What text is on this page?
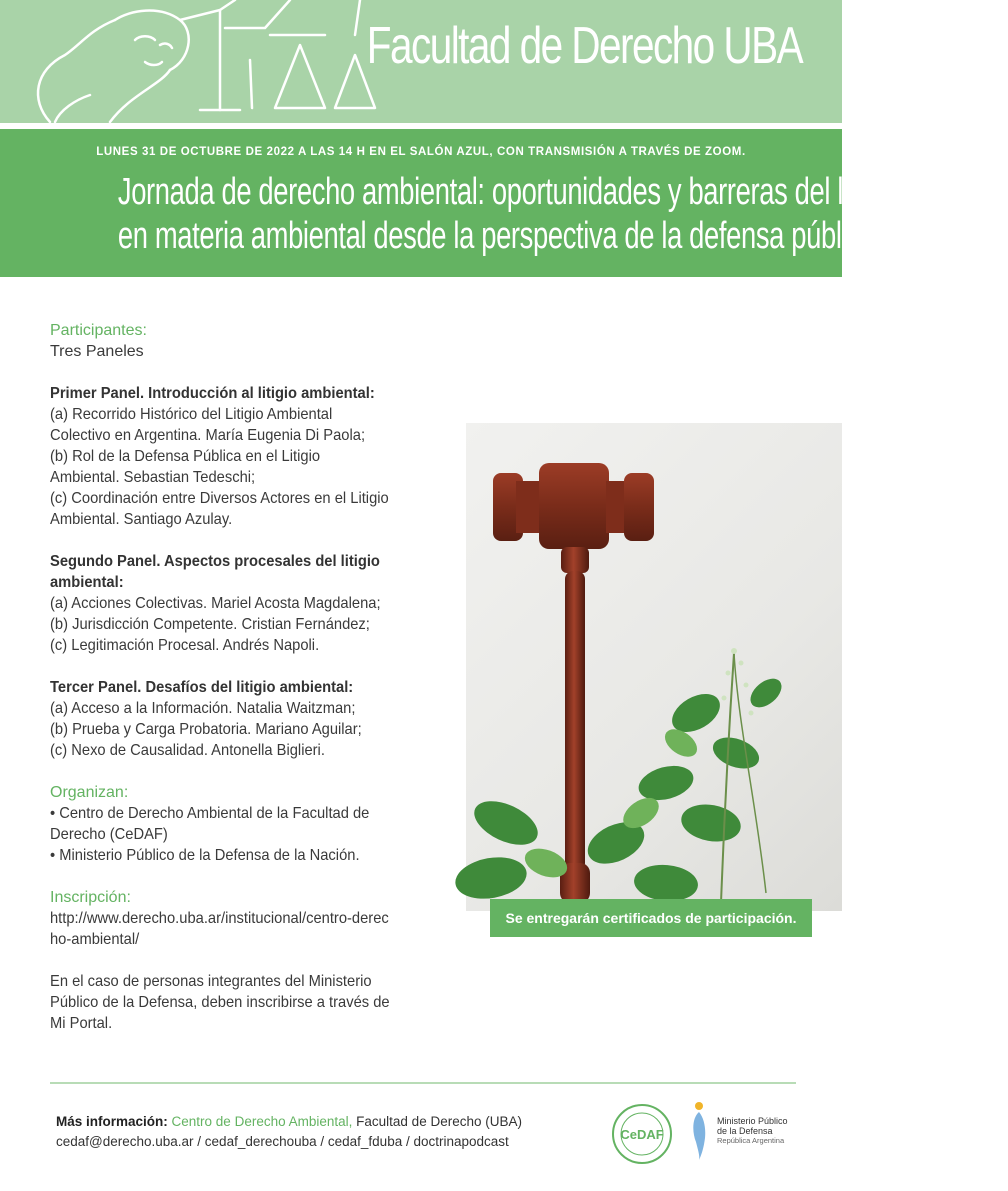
Facultad de Derecho UBA
LUNES 31 DE OCTUBRE DE 2022 A LAS 14 H EN EL SALÓN AZUL, CON TRANSMISIÓN A TRAVÉS DE ZOOM.
Jornada de derecho ambiental: oportunidades y barreras del litigio colectivo
en materia ambiental desde la perspectiva de la defensa pública

Participantes:

Tres Paneles

Primer Panel. Introducción al litigio ambiental:

(a) Recorrido Histórico del Litigio Ambiental

Colectivo en Argentina. María Eugenia Di Paola;

(b) Rol de la Defensa Pública en el Litigio

Ambiental. Sebastian Tedeschi;

(c) Coordinación entre Diversos Actores en el Litigio

Ambiental. Santiago Azulay.

Segundo Panel. Aspectos procesales del litigio

ambiental:

(a) Acciones Colectivas. Mariel Acosta Magdalena;

(b) Jurisdicción Competente. Cristian Fernández;

(c) Legitimación Procesal. Andrés Napoli.

Tercer Panel. Desafíos del litigio ambiental:

(a) Acceso a la Información. Natalia Waitzman;

(b) Prueba y Carga Probatoria. Mariano Aguilar;

(c) Nexo de Causalidad. Antonella Biglieri.

Organizan:

• Centro de Derecho Ambiental de la Facultad de

Derecho (CeDAF)

• Ministerio Público de la Defensa de la Nación.

Inscripción:

http://www.derecho.uba.ar/institucional/centro-derec

ho-ambiental/

En el caso de personas integrantes del Ministerio

Público de la Defensa, deben inscribirse a través de

Mi Portal.

Se entregarán certificados de participación.
Más información: Centro de Derecho Ambiental, Facultad de Derecho (UBA)
cedaf@derecho.uba.ar / cedaf_derechouba / cedaf_fduba / doctrinapodcast	CeDAF
Ministerio Público
de la Defensa
República Argentina
